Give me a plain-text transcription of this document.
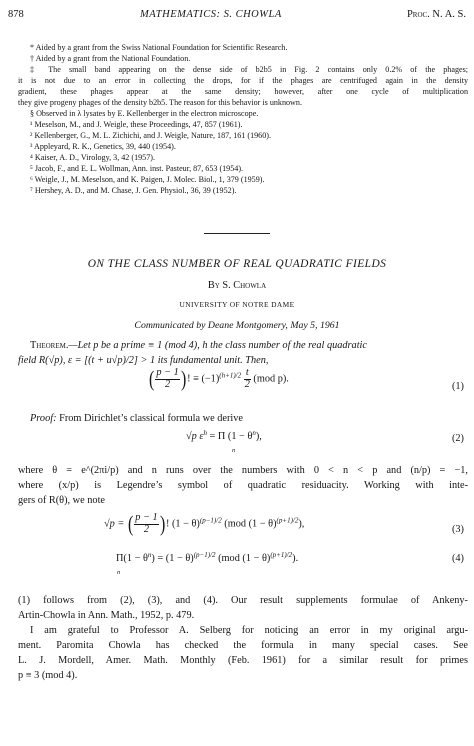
878	MATHEMATICS: S. CHOWLA	Proc. N. A. S.
* Aided by a grant from the Swiss National Foundation for Scientific Research.
† Aided by a grant from the National Foundation.
‡ The small band appearing on the dense side of b2b5 in Fig. 2 contains only 0.2% of the phages;
it is not due to an error in collecting the drops, for if the phages are centrifuged again in the density
gradient, these phages appear at the same density; however, after one cycle of multiplication
they give progeny phages of the density b2b5. The reason for this behavior is unknown.
§ Observed in λ lysates by E. Kellenberger in the electron microscope.
¹ Meselson, M., and J. Weigle, these Proceedings, 47, 857 (1961).
² Kellenberger, G., M. L. Zichichi, and J. Weigle, Nature, 187, 161 (1960).
³ Appleyard, R. K., Genetics, 39, 440 (1954).
⁴ Kaiser, A. D., Virology, 3, 42 (1957).
⁵ Jacob, F., and E. L. Wollman, Ann. inst. Pasteur, 87, 653 (1954).
⁶ Weigle, J., M. Meselson, and K. Paigen, J. Molec. Biol., 1, 379 (1959).
⁷ Hershey, A. D., and M. Chase, J. Gen. Physiol., 36, 39 (1952).
ON THE CLASS NUMBER OF REAL QUADRATIC FIELDS
By S. Chowla
UNIVERSITY OF NOTRE DAME
Communicated by Deane Montgomery, May 5, 1961
Theorem.—Let p be a prime ≡ 1 (mod 4), h the class number of the real quadratic
field R(√p), ε = [(t + u√p)/2] > 1 its fundamental unit. Then,
( $\frac{p - 1}{2}$ )! ≡ $(-1)^{(h+1)/2} \frac{t}{2} (mod$ p).
(1)
Proof: From Dirichlet’s classical formula we derive
√p $\varepsilon^h = \Pi$ $(1 - \theta^n)$,
n
(2)
where θ = e^(2πi/p) and n runs over the numbers with 0 < n < p and (n/p) = −1,
where (x/p) is Legendre’s symbol of quadratic residuacity. Working with inte-
gers of R(θ), we note
√p = ( $\frac{p - 1}{2}$ )! $(1 - \theta)^{(p-1)/2}$ (mod $(1 - \theta)^{(p+1)/2}$),	(3)
$\Pi(1 - \theta^n) = (1 - \theta)^{(p-1)/2}$ (mod $(1 - \theta)^{(p+1)/2}$).
n
(4)
(1) follows from (2), (3), and (4). Our result supplements formulae of Ankeny-
Artin-Chowla in Ann. Math., 1952, p. 479.
I am grateful to Professor A. Selberg for noticing an error in my original argu-
ment. Paromita Chowla has checked the formula in many special cases. See
L. J. Mordell, Amer. Math. Monthly (Feb. 1961) for a similar result for primes
p ≡ 3 (mod 4).
